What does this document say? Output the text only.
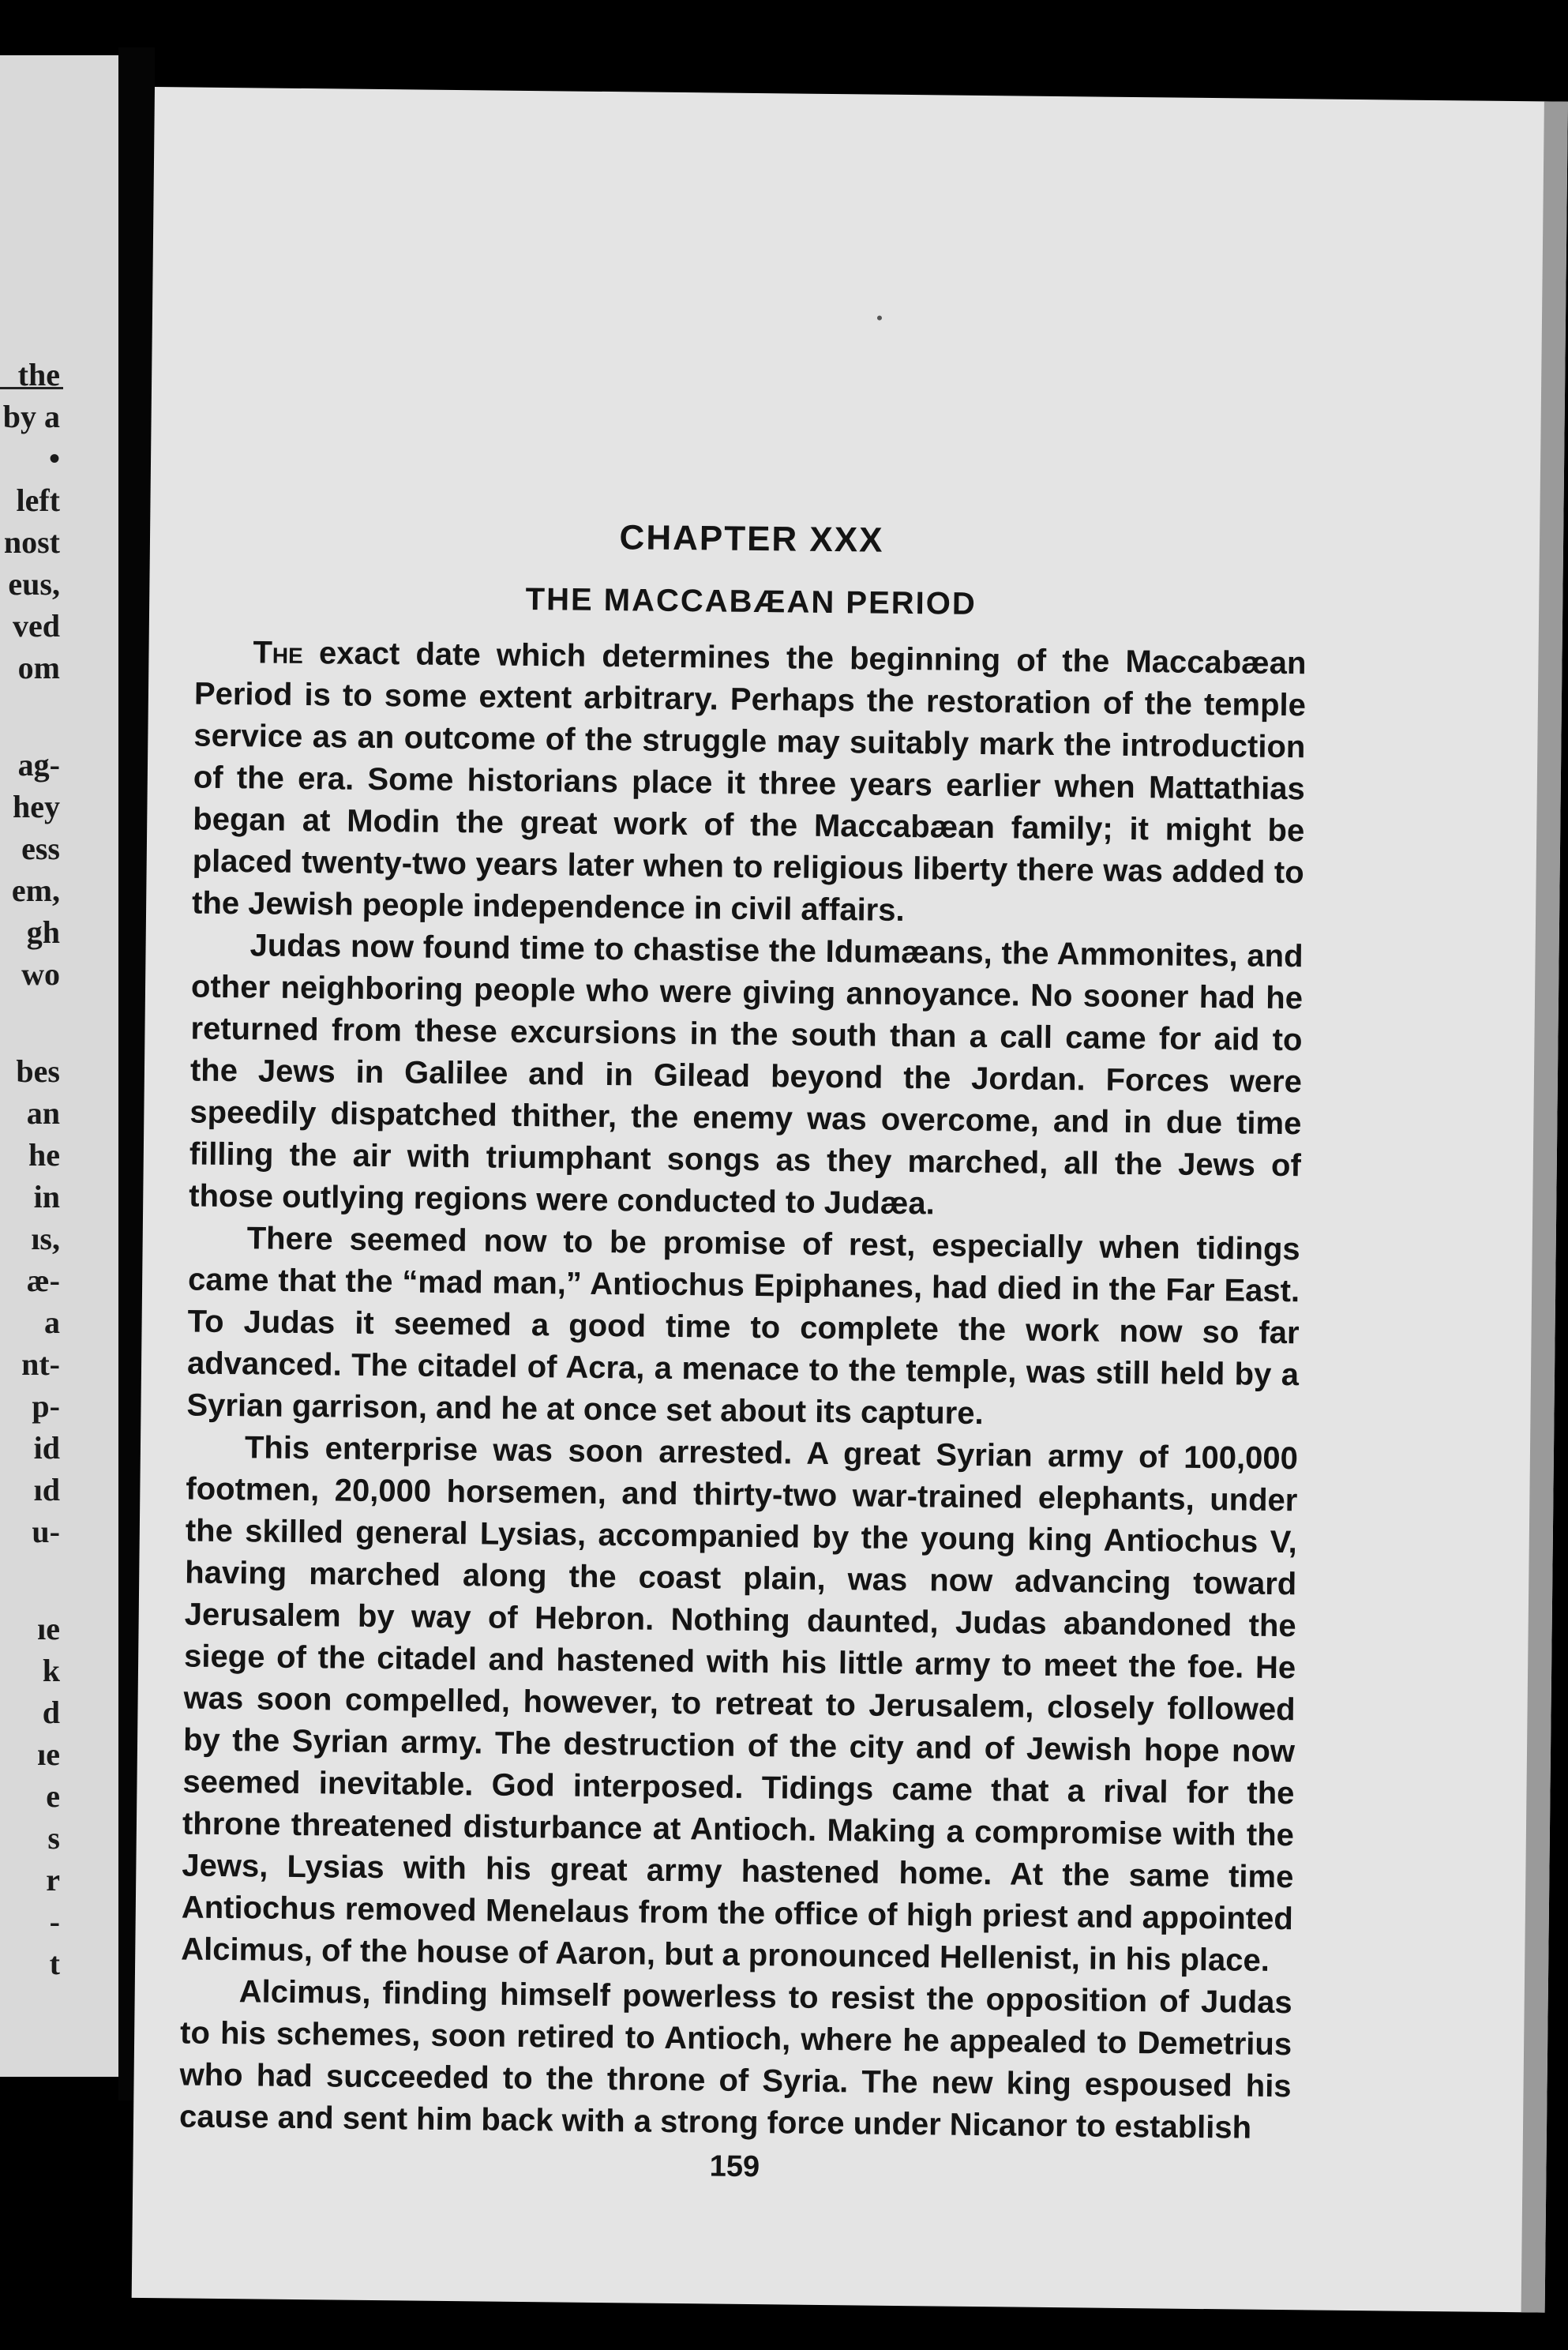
the
by a
•
left
nost
eus,
ved
om
ag-
hey
ess
em,
gh
wo
bes
an
he
in
ıs,
æ-
a
nt-
p-
id
ıd
u-
ıe
k
d
ıe
e
s
r
-
t
CHAPTER XXX
THE MACCABÆAN PERIOD

The exact date which determines the beginning of the Maccabæan Period is to some extent arbitrary. Perhaps the restoration of the temple service as an outcome of the struggle may suitably mark the introduction of the era. Some historians place it three years earlier when Mattathias began at Modin the great work of the Maccabæan family; it might be placed twenty-two years later when to religious liberty there was added to the Jewish people independence in civil affairs.

Judas now found time to chastise the Idumæans, the Ammonites, and other neighboring people who were giving annoyance. No sooner had he returned from these excursions in the south than a call came for aid to the Jews in Galilee and in Gilead beyond the Jordan. Forces were speedily dispatched thither, the enemy was overcome, and in due time filling the air with triumphant songs as they marched, all the Jews of those outlying regions were conducted to Judæa.

There seemed now to be promise of rest, especially when tidings came that the “mad man,” Antiochus Epiphanes, had died in the Far East. To Judas it seemed a good time to complete the work now so far advanced. The citadel of Acra, a menace to the temple, was still held by a Syrian garrison, and he at once set about its capture.

This enterprise was soon arrested. A great Syrian army of 100,000 footmen, 20,000 horsemen, and thirty-two war-trained elephants, under the skilled general Lysias, accompanied by the young king Antiochus V, having marched along the coast plain, was now advancing toward Jerusalem by way of Hebron. Nothing daunted, Judas abandoned the siege of the citadel and hastened with his little army to meet the foe. He was soon compelled, however, to retreat to Jerusalem, closely followed by the Syrian army. The destruction of the city and of Jewish hope now seemed inevitable. God interposed. Tidings came that a rival for the throne threatened disturbance at Antioch. Making a compromise with the Jews, Lysias with his great army hastened home. At the same time Antiochus removed Menelaus from the office of high priest and appointed Alcimus, of the house of Aaron, but a pronounced Hellenist, in his place.

Alcimus, finding himself powerless to resist the opposition of Judas to his schemes, soon retired to Antioch, where he appealed to Demetrius who had succeeded to the throne of Syria. The new king espoused his cause and sent him back with a strong force under Nicanor to establish

159
